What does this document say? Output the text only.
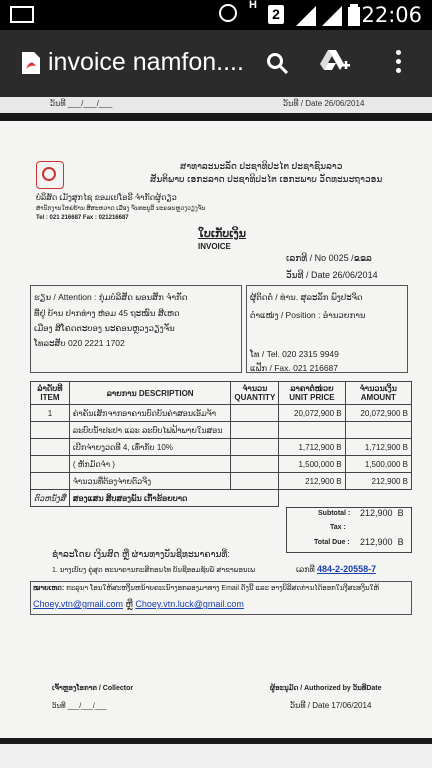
H
2	22:06
invoice namfon....
ວັນທີ ___/___/___	ວັນທີ / Date 26/06/2014
ສາທາລະນະລັດ ປະຊາທິປະໄຕ ປະຊາຊົນລາວ
ສັນຕິພາບ ເອກະລາດ ປະຊາທິປະໄຕ ເອກະພາບ ວັດທະນະຖາວອນ
ບໍລິສັດ ເມັງສຸກໄຊ ຂອມເປໂອຣີ ຈໍາກັດຜູ້ດຽວ
ສໍານັກງານໃຫຍ່ບ້ານ ສີສະຫວາດ ເມືອງ ຈັນທະບູລີ ນະຄອນຫຼວງວຽງຈັນ
Tel : 021 216687 Fax : 021216687
ໃບເກັບເງິນ
INVOICE
ເລກທີ / No 0025 /ຂຂລ
ວັນທີ / Date 26/06/2014
ຮຽນ / Attention : ກຸ່ມບໍລິສັດ ພອນສັກ ຈໍາກັດ
ທີ່ຢູ່ ບ້ານ ປາກທ່າງ ຫ່ອມ 45 ຖະໜົນ ສີເຫດ
ເມືອງ ສີໂຄດຕະບອງ ນະຄອນຫຼວງວຽງຈັນ
ໂທລະສັບ 020 2221 1702
ຜູ້ຕິດຕໍ່ / ທ່ານ. ສຸລະລັກ ພົງປະຈິດ
ຕໍາແໜ່ງ / Position : ອໍານວຍການ
ໂທ / Tel. 020 2315 9949
ແຟັກ / Fax. 021 216687
ລໍາດັບທີ ITEM	ລາຍການ DESCRIPTION	ຈໍານວນ QUANTITY	ລາຄາຕໍ່ໜ່ວຍ UNIT PRICE	ຈໍານວນເງິນ AMOUNT
1	ຄ່າຄັນເສັກຈາກອາຄານບົດບັນຄ່າສອນເອັມຈ້າ		20,072,900 B	20,072,900 B
	ລະບົບນ້ຳປະປາ ແລະ ລະບົບໄຟຟ້າພາຍໃນສອນ			
	ເບີກຈ່າຍງວດທີ 4, ເທົ່າກັບ 10%		1,712,900 B	1,712,900 B
	( ຫັກມັດຈຳ )		1,500,000 B	1,500,000 B
	ຈໍານວນທີ່ຕ້ອງຈ່າຍຕົວຈິງ		212,900 B	212,900 B
ຕົວຫນັງສື	ສອງແສນ ສິບສອງພັນ ເກົ້າຮ້ອຍບາດ			
Subtotal : 212,900 B
Tax :
Total Due : 212,900 B
ຊໍາລະໂດຍ ເງິນສົດ ຫຼື ຜ່ານທາງບັນຊີທະນາຄານທີ່:
1. ນາງເບັບງ ຄູ່ສຸດ ທະນາຄານກະສິກອນໄທ ບັນຊີອອມຊັບພ໌ ສາຂາພອນເພ	ເລກທີ 484-2-20558-7
ໝາຍເຫດ: ກະລຸນາ ໂອນໃຫ້ສະຫງິ້ນຫນ້າຍຄະເນົາງອກລອງມາທາງ Email ດັ່ງນີ້ ແລະ ອາງບິລີສດກ່ານໄດ້ອອກໃນງີສະທງິນໃຫ້
Choey.vtn@gmail.com ຫຼື Choey.vtn.luck@gmail.com
ເຈົ້າຫຼອງໂອກາຕ / Collector
ວັນທີ ___/___/___
ຜູ້ອະນຸມັດ / Authorized by ວັນທີDate
ວັນທີ / Date 17/06/2014
